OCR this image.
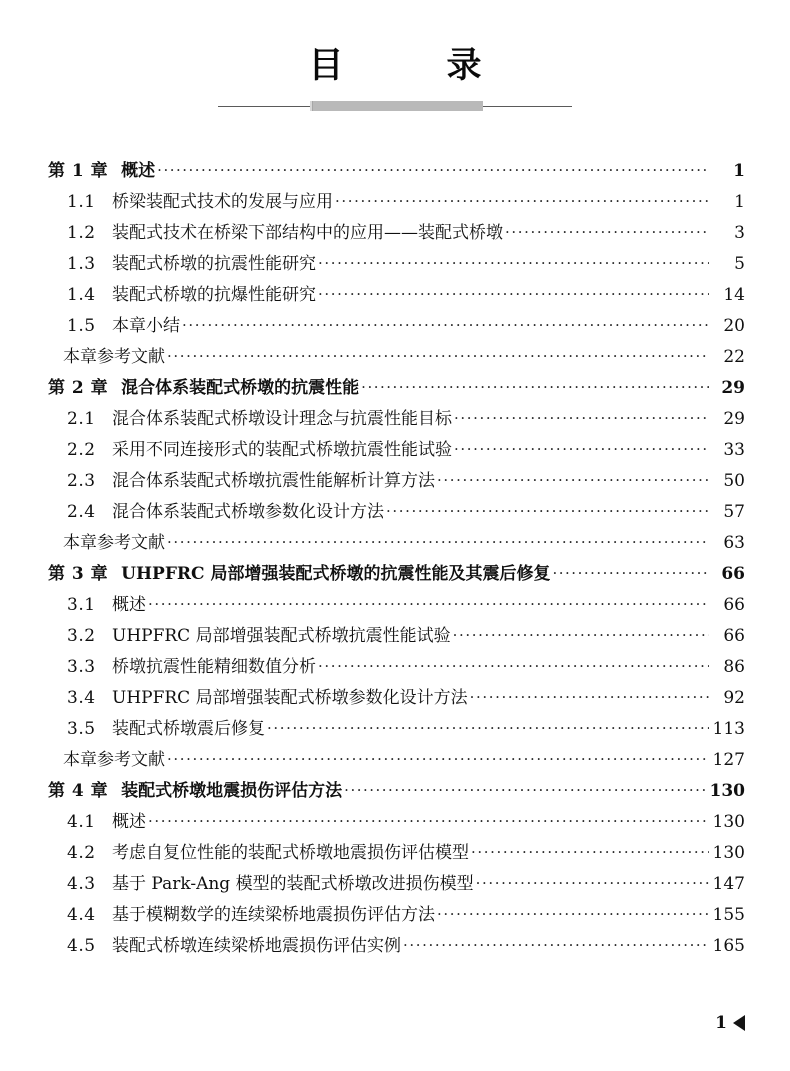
目　录
第 1 章 概述 ·····	1
1.1 桥梁装配式技术的发展与应用 ·····	1
1.2 装配式技术在桥梁下部结构中的应用——装配式桥墩 ·····	3
1.3 装配式桥墩的抗震性能研究 ·····	5
1.4 装配式桥墩的抗爆性能研究 ·····	14
1.5 本章小结 ·····	20
本章参考文献 ·····	22
第 2 章 混合体系装配式桥墩的抗震性能 ·····	29
2.1 混合体系装配式桥墩设计理念与抗震性能目标 ·····	29
2.2 采用不同连接形式的装配式桥墩抗震性能试验 ·····	33
2.3 混合体系装配式桥墩抗震性能解析计算方法 ·····	50
2.4 混合体系装配式桥墩参数化设计方法 ·····	57
本章参考文献 ·····	63
第 3 章 UHPFRC 局部增强装配式桥墩的抗震性能及其震后修复 ·····	66
3.1 概述 ·····	66
3.2 UHPFRC 局部增强装配式桥墩抗震性能试验 ·····	66
3.3 桥墩抗震性能精细数值分析 ·····	86
3.4 UHPFRC 局部增强装配式桥墩参数化设计方法 ·····	92
3.5 装配式桥墩震后修复 ·····	113
本章参考文献 ·····	127
第 4 章 装配式桥墩地震损伤评估方法 ·····	130
4.1 概述 ·····	130
4.2 考虑自复位性能的装配式桥墩地震损伤评估模型 ·····	130
4.3 基于 Park-Ang 模型的装配式桥墩改进损伤模型 ·····	147
4.4 基于模糊数学的连续梁桥地震损伤评估方法 ·····	155
4.5 装配式桥墩连续梁桥地震损伤评估实例 ·····	165
1
